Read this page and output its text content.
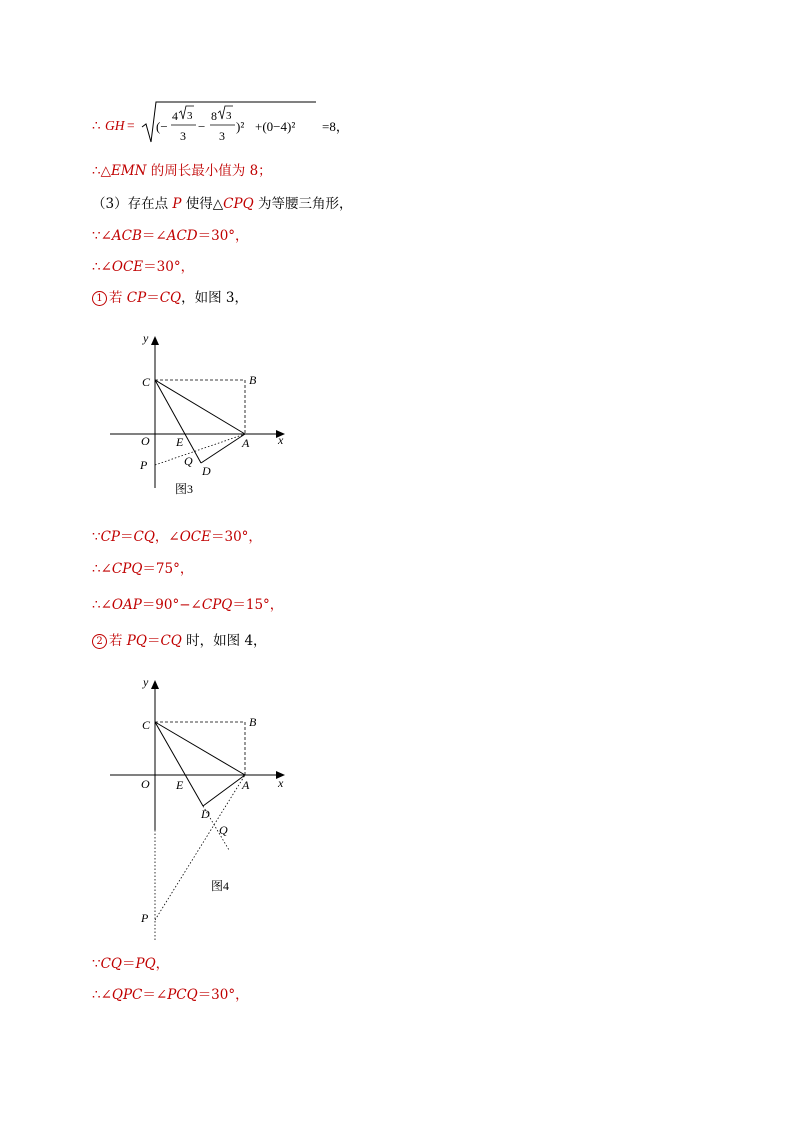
∴ GH = (−
4 3
3
−
8 3
3
)² +(0−4)² =8，
∴△EMN 的周长最小值为 8；
（3）存在点 P 使得△CPQ 为等腰三角形，
∵∠ACB＝∠ACD＝30°，
∴∠OCE＝30°，
1 若 CP＝CQ，如图 3，
y
x
O
C	B
E	A
Q
D
P
图3
∵CP＝CQ，∠OCE＝30°，
∴∠CPQ＝75°，
∴∠OAP＝90°−∠CPQ＝15°，
2 若 PQ＝CQ 时，如图 4，
y
x
O
C	B
E	A
D
Q
P
图4
∵CQ＝PQ，
∴∠QPC＝∠PCQ＝30°，
